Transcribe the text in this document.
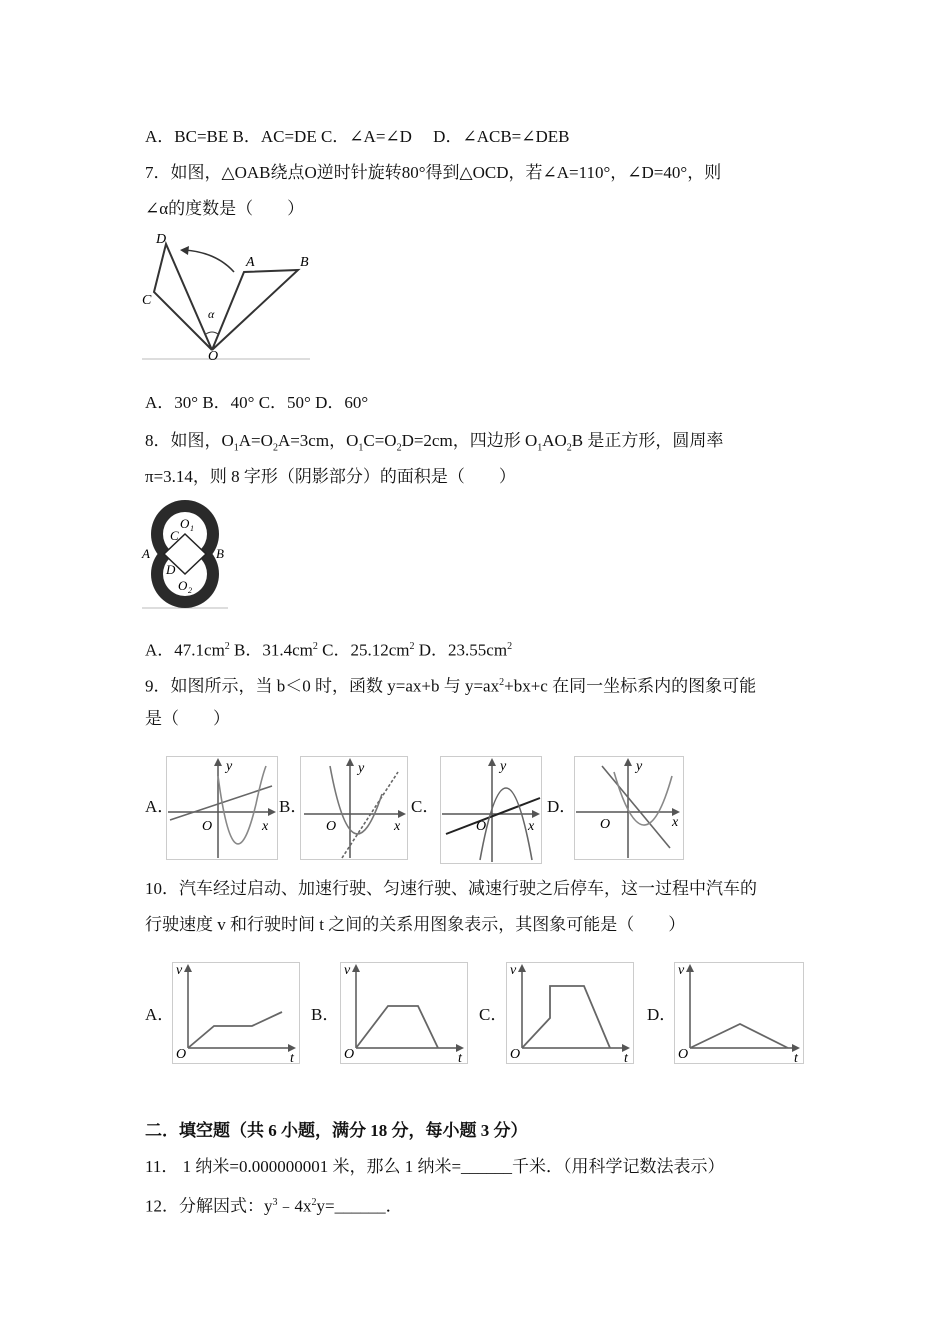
A．BC=BE B．AC=DE C．∠A=∠D　 D．∠ACB=∠DEB
7．如图，△OAB绕点O逆时针旋转80°得到△OCD，若∠A=110°，∠D=40°，则
∠α的度数是（　　）
D
A	B
C
α
O
A．30° B．40° C．50° D．60°
8．如图，$O_1A=O_2A=3cm$，$O_1C=O_2D=2cm$，四边形 $O_1AO_2B$ 是正方形，圆周率
π=3.14，则 8 字形（阴影部分）的面积是（　　）
C
O 1
A	B
D
O 2
A．$47.1cm^2$ B．$31.4cm^2$ C．$25.12cm^2$ D．$23.55cm^2$
9．如图所示，当 b＜0 时，函数 y=ax+b 与 $y=ax^2+bx+c$ 在同一坐标系内的图象可能
是（　　）
A．
y
x
O
B．
y
x
O
C．
y
x
O
D．
y
x
O
10．汽车经过启动、加速行驶、匀速行驶、减速行驶之后停车，这一过程中汽车的
行驶速度 v 和行驶时间 t 之间的关系用图象表示，其图象可能是（　　）
A．
v
O	t
B．
v
O	t
C．
v
O	t
D．
v
O	t
二．填空题（共 6 小题，满分 18 分，每小题 3 分）
11． 1 纳米=0.000000001 米，那么 1 纳米=______千米．（用科学记数法表示）
12．分解因式：$y^3﹣4x^2y=\_\_\_\_\_\_$．
